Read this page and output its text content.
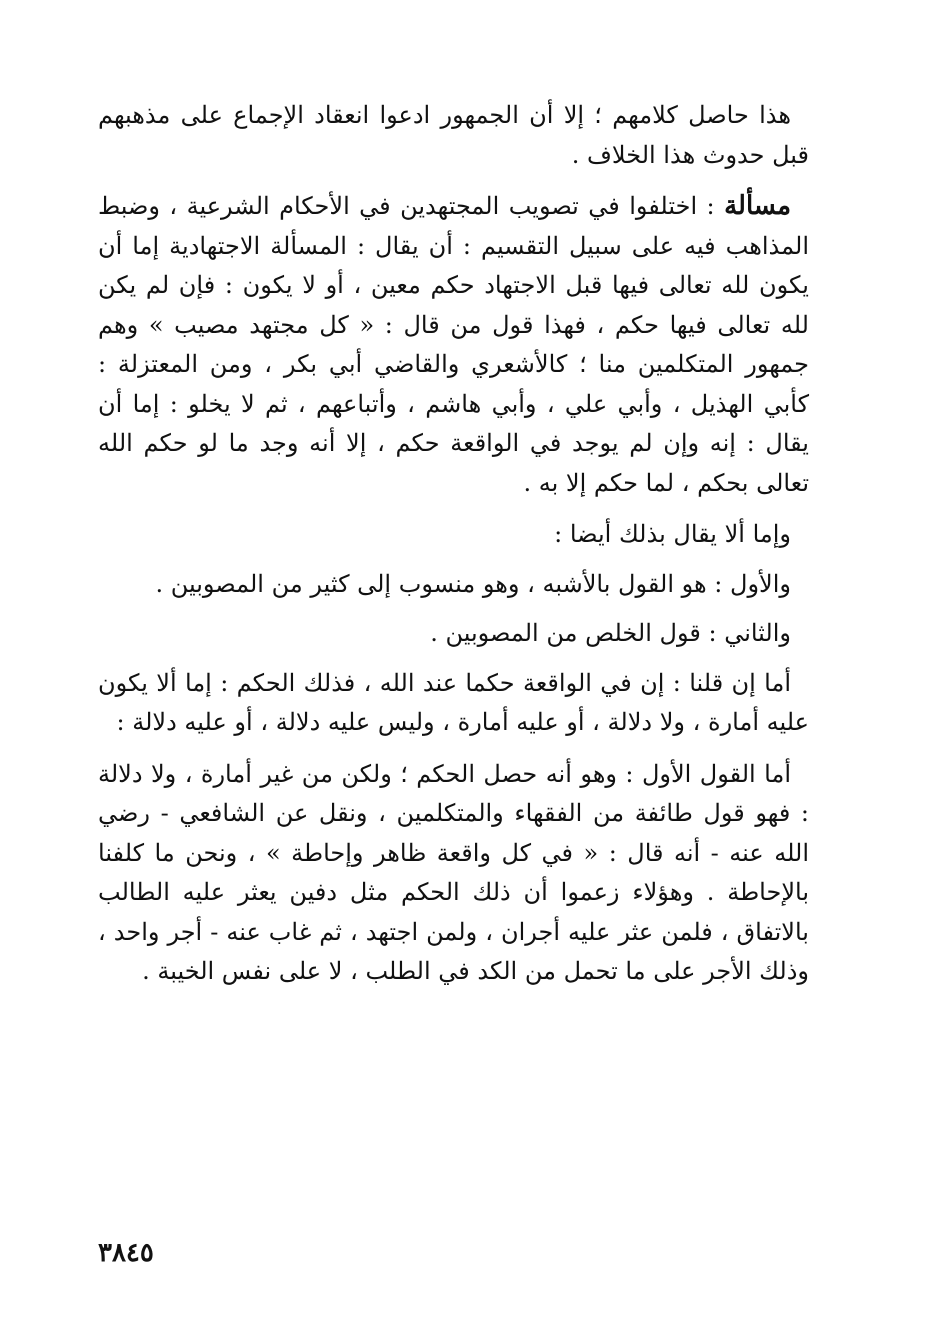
هذا حاصل كلامهم ؛ إلا أن الجمهور ادعوا انعقاد الإجماع على مذهبهم قبل حدوث هذا الخلاف .

مسألة : اختلفوا في تصويب المجتهدين في الأحكام الشرعية ، وضبط المذاهب فيه على سبيل التقسيم : أن يقال : المسألة الاجتهادية إما أن يكون لله تعالى فيها قبل الاجتهاد حكم معين ، أو لا يكون : فإن لم يكن لله تعالى فيها حكم ، فهذا قول من قال : « كل مجتهد مصيب » وهم جمهور المتكلمين منا ؛ كالأشعري والقاضي أبي بكر ، ومن المعتزلة : كأبي الهذيل ، وأبي علي ، وأبي هاشم ، وأتباعهم ، ثم لا يخلو : إما أن يقال : إنه وإن لم يوجد في الواقعة حكم ، إلا أنه وجد ما لو حكم الله تعالى بحكم ، لما حكم إلا به .

وإما ألا يقال بذلك أيضا :

والأول : هو القول بالأشبه ، وهو منسوب إلى كثير من المصوبين .

والثاني : قول الخلص من المصوبين .

أما إن قلنا : إن في الواقعة حكما عند الله ، فذلك الحكم : إما ألا يكون عليه أمارة ، ولا دلالة ، أو عليه أمارة ، وليس عليه دلالة ، أو عليه دلالة :

أما القول الأول : وهو أنه حصل الحكم ؛ ولكن من غير أمارة ، ولا دلالة : فهو قول طائفة من الفقهاء والمتكلمين ، ونقل عن الشافعي - رضي الله عنه - أنه قال : « في كل واقعة ظاهر وإحاطة » ، ونحن ما كلفنا بالإحاطة . وهؤلاء زعموا أن ذلك الحكم مثل دفين يعثر عليه الطالب بالاتفاق ، فلمن عثر عليه أجران ، ولمن اجتهد ، ثم غاب عنه - أجر واحد ، وذلك الأجر على ما تحمل من الكد في الطلب ، لا على نفس الخيبة .

٣٨٤٥
